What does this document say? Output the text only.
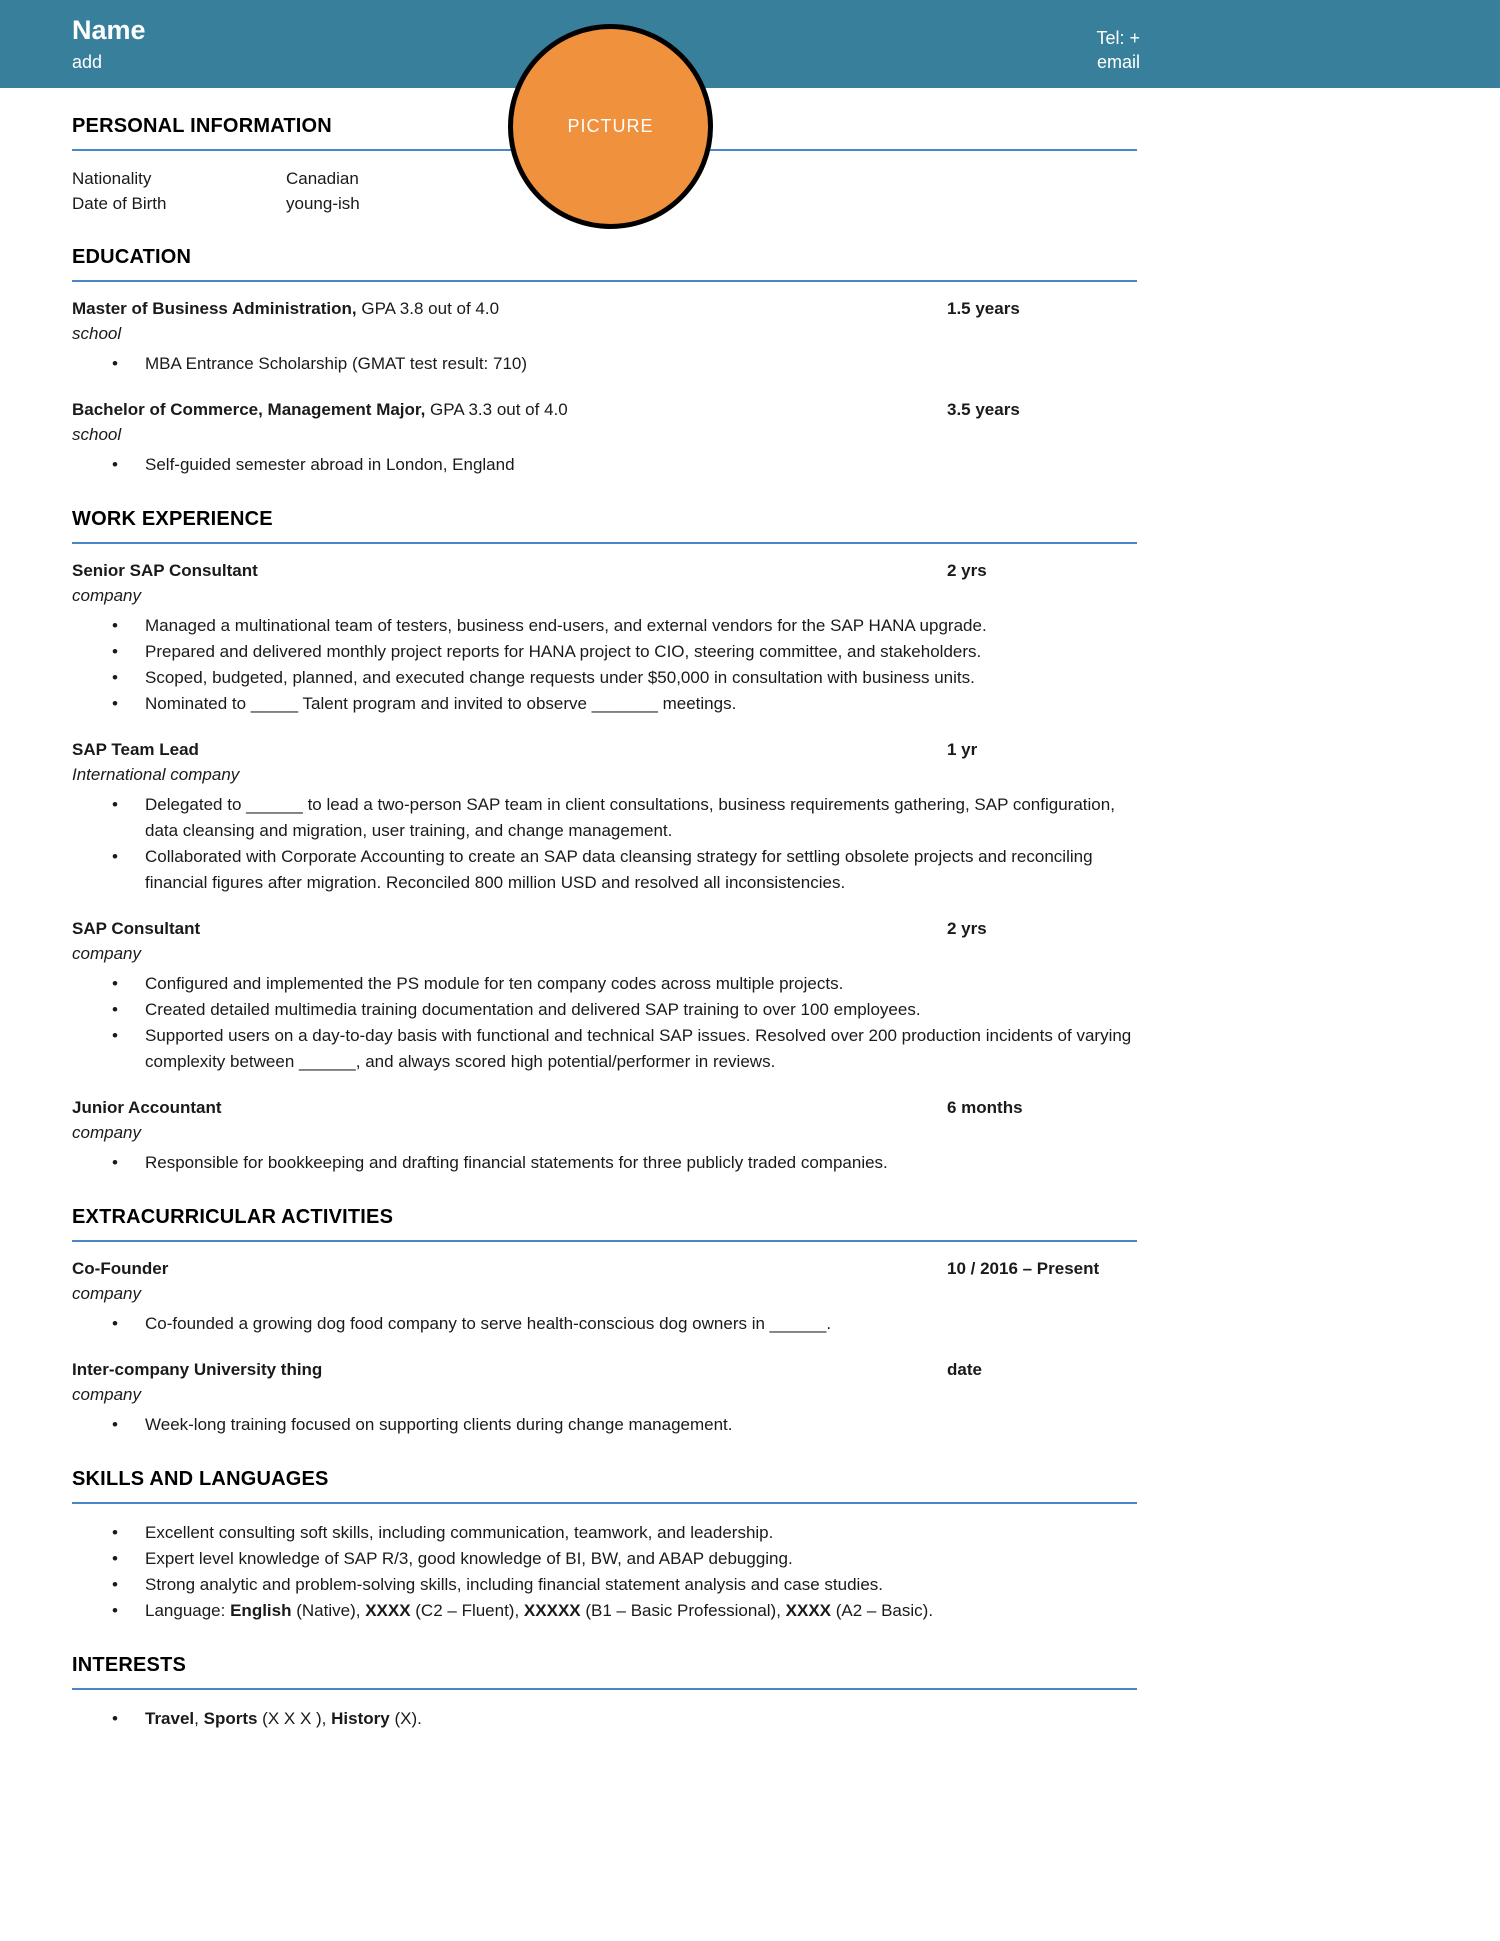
Name
add
Tel: +
email
PICTURE
PERSONAL INFORMATION
Nationality	Canadian
Date of Birth	young-ish
EDUCATION
Master of Business Administration, GPA 3.8 out of 4.0	1.5 years
school
• MBA Entrance Scholarship (GMAT test result: 710)
Bachelor of Commerce, Management Major, GPA 3.3 out of 4.0	3.5 years
school
• Self-guided semester abroad in London, England
WORK EXPERIENCE
Senior SAP Consultant	2 yrs
company
• Managed a multinational team of testers, business end-users, and external vendors for the SAP HANA upgrade.
• Prepared and delivered monthly project reports for HANA project to CIO, steering committee, and stakeholders.
• Scoped, budgeted, planned, and executed change requests under $50,000 in consultation with business units.
• Nominated to _____ Talent program and invited to observe _______ meetings.
SAP Team Lead	1 yr
International company
• Delegated to ______ to lead a two-person SAP team in client consultations, business requirements gathering, SAP configuration, data cleansing and migration, user training, and change management.
• Collaborated with Corporate Accounting to create an SAP data cleansing strategy for settling obsolete projects and reconciling financial figures after migration. Reconciled 800 million USD and resolved all inconsistencies.
SAP Consultant	2 yrs
company
• Configured and implemented the PS module for ten company codes across multiple projects.
• Created detailed multimedia training documentation and delivered SAP training to over 100 employees.
• Supported users on a day-to-day basis with functional and technical SAP issues. Resolved over 200 production incidents of varying complexity between ______, and always scored high potential/performer in reviews.
Junior Accountant	6 months
company
• Responsible for bookkeeping and drafting financial statements for three publicly traded companies.
EXTRACURRICULAR ACTIVITIES
Co-Founder	10 / 2016 – Present
company
• Co-founded a growing dog food company to serve health-conscious dog owners in ______.
Inter-company University thing	date
company
• Week-long training focused on supporting clients during change management.
SKILLS AND LANGUAGES
• Excellent consulting soft skills, including communication, teamwork, and leadership.
• Expert level knowledge of SAP R/3, good knowledge of BI, BW, and ABAP debugging.
• Strong analytic and problem-solving skills, including financial statement analysis and case studies.
• Language: English (Native), XXXX (C2 – Fluent), XXXXX (B1 – Basic Professional), XXXX (A2 – Basic).
INTERESTS
• Travel, Sports (X X X ), History (X).
